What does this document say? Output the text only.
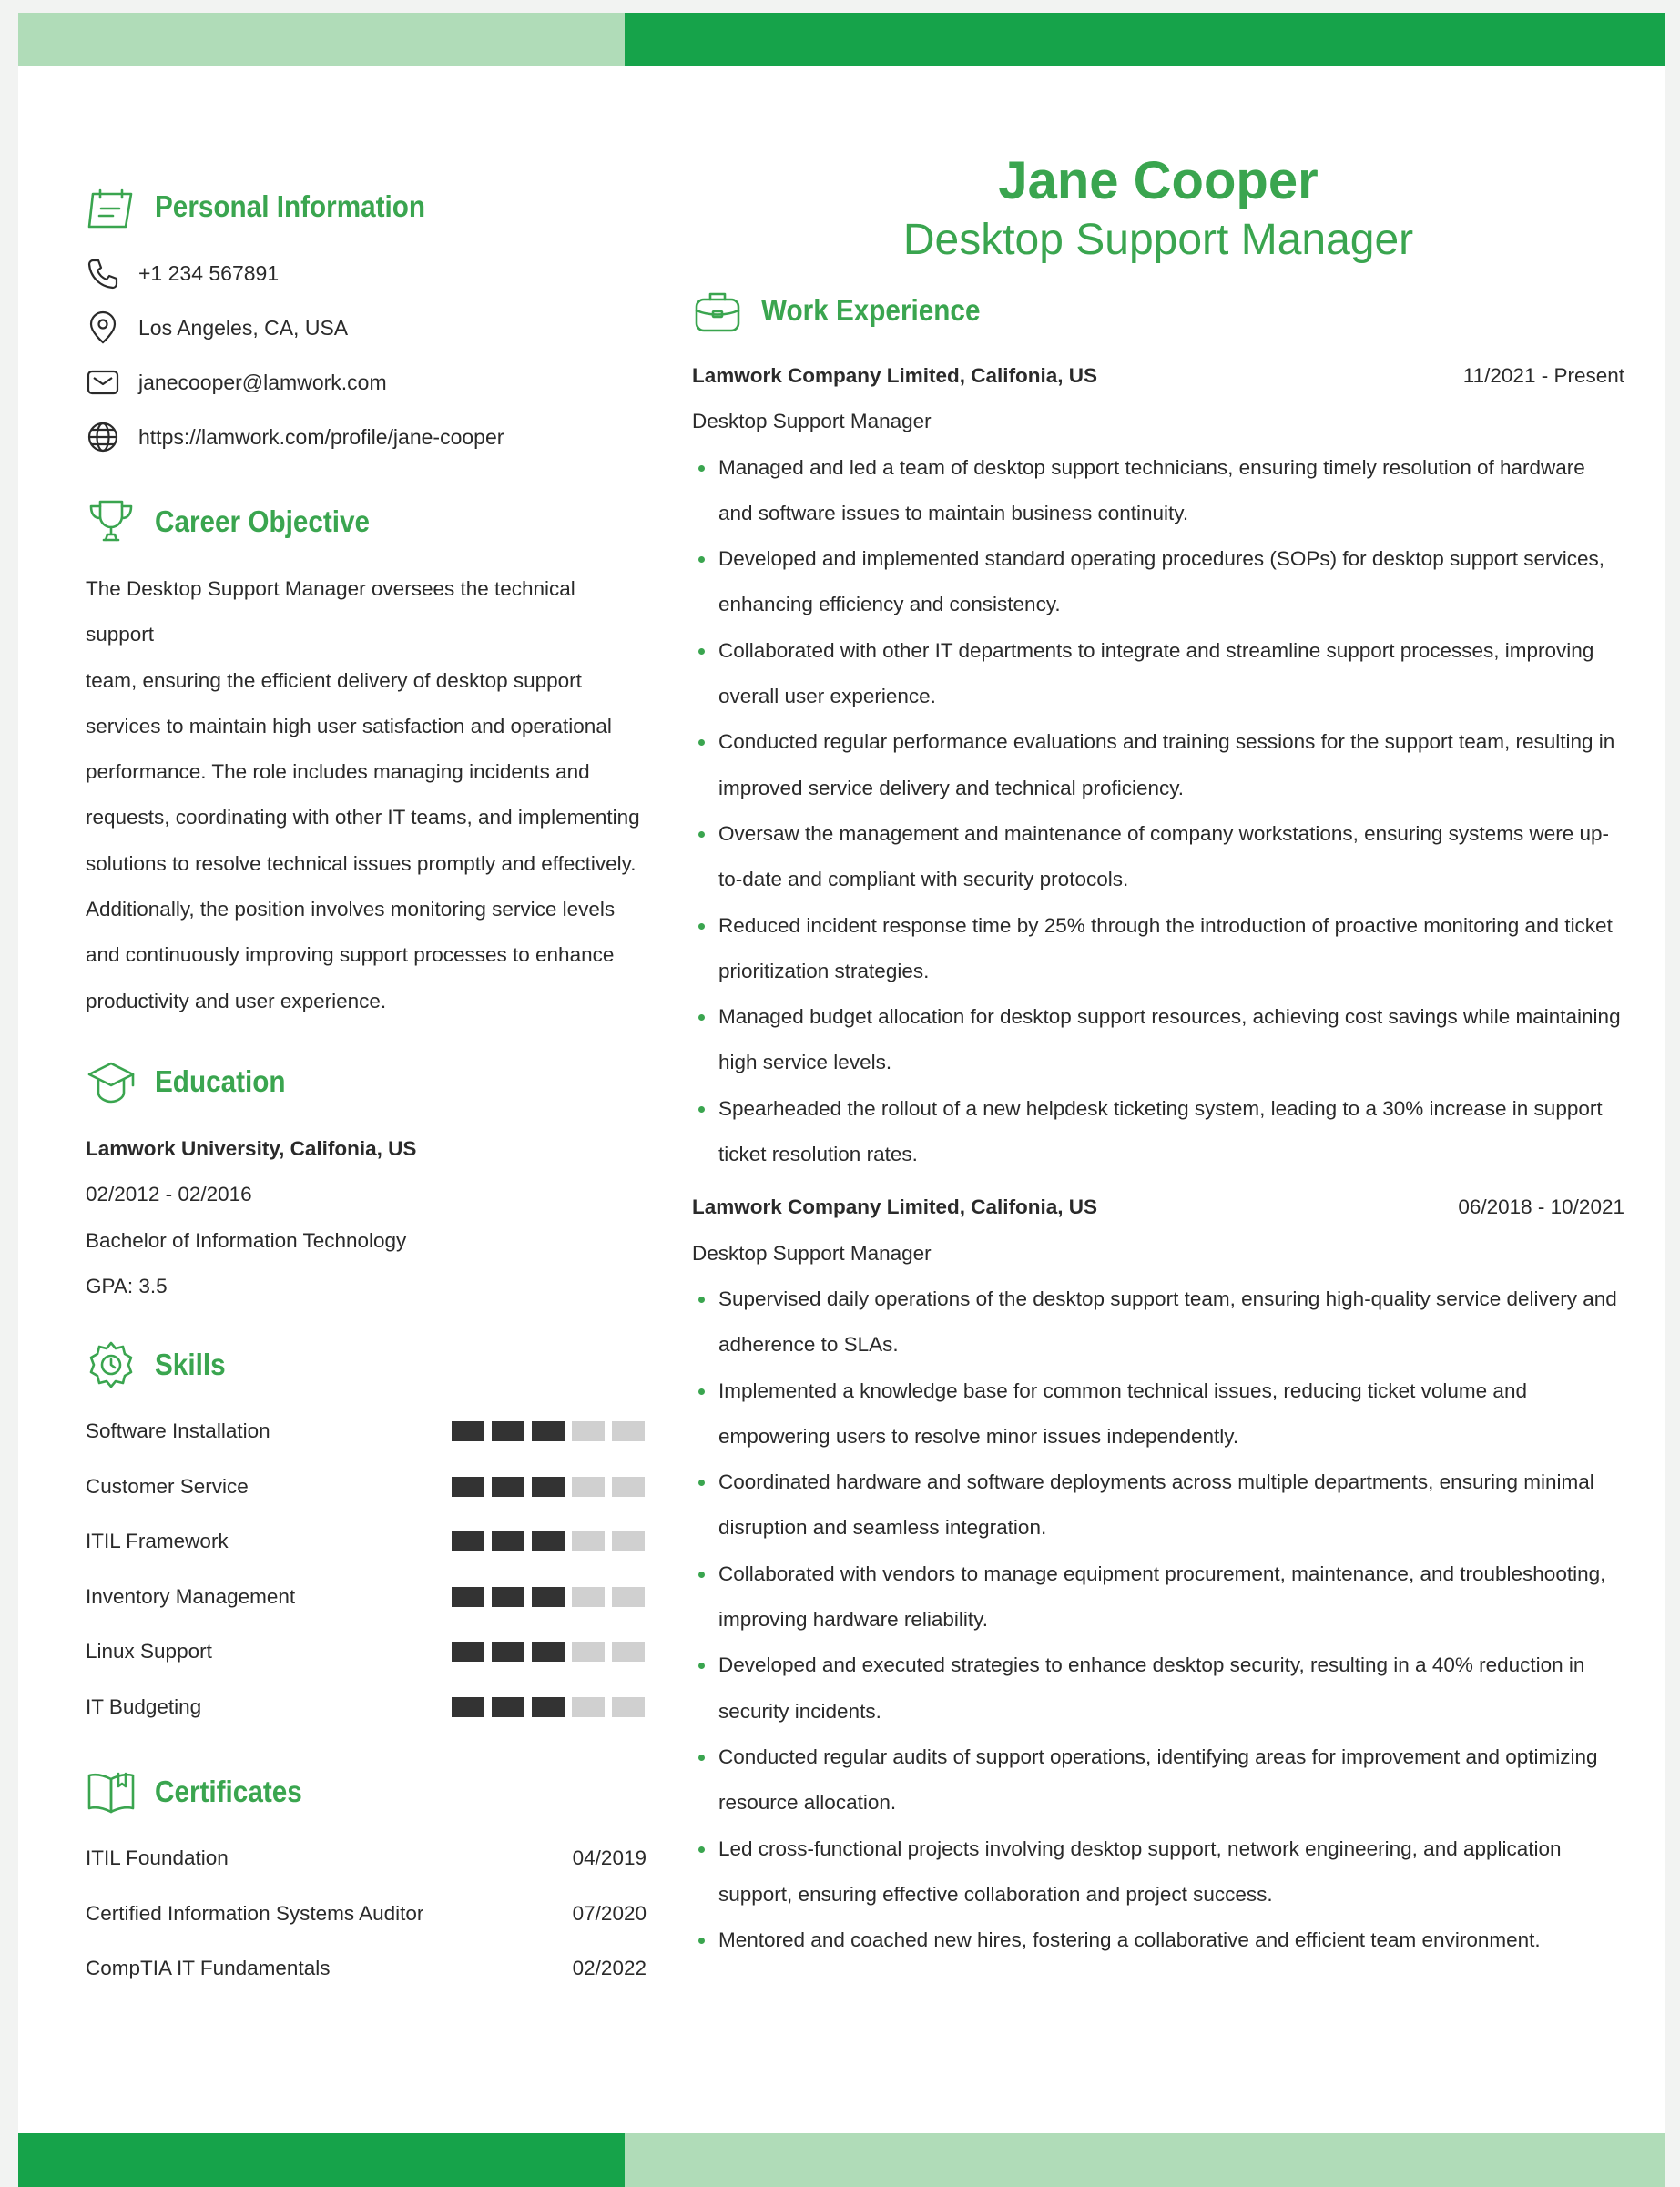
Personal Information
+1 234 567891
Los Angeles, CA, USA
janecooper@lamwork.com
https://lamwork.com/profile/jane-cooper
Career Objective
The Desktop Support Manager oversees the technical support
team, ensuring the efficient delivery of desktop support
services to maintain high user satisfaction and operational
performance. The role includes managing incidents and
requests, coordinating with other IT teams, and implementing
solutions to resolve technical issues promptly and effectively.
Additionally, the position involves monitoring service levels
and continuously improving support processes to enhance
productivity and user experience.
Education
Lamwork University, Califonia, US
02/2012 - 02/2016
Bachelor of Information Technology
GPA: 3.5
Skills
Software Installation
Customer Service
ITIL Framework
Inventory Management
Linux Support
IT Budgeting
Certificates
ITIL Foundation	04/2019
Certified Information Systems Auditor	07/2020
CompTIA IT Fundamentals	02/2022
Jane Cooper
Desktop Support Manager
Work Experience
Lamwork Company Limited, Califonia, US	11/2021 - Present
Desktop Support Manager
Managed and led a team of desktop support technicians, ensuring timely resolution of hardware and software issues to maintain business continuity.
Developed and implemented standard operating procedures (SOPs) for desktop support services, enhancing efficiency and consistency.
Collaborated with other IT departments to integrate and streamline support processes, improving overall user experience.
Conducted regular performance evaluations and training sessions for the support team, resulting in improved service delivery and technical proficiency.
Oversaw the management and maintenance of company workstations, ensuring systems were up-to-date and compliant with security protocols.
Reduced incident response time by 25% through the introduction of proactive monitoring and ticket prioritization strategies.
Managed budget allocation for desktop support resources, achieving cost savings while maintaining high service levels.
Spearheaded the rollout of a new helpdesk ticketing system, leading to a 30% increase in support ticket resolution rates.
Lamwork Company Limited, Califonia, US	06/2018 - 10/2021
Desktop Support Manager
Supervised daily operations of the desktop support team, ensuring high-quality service delivery and adherence to SLAs.
Implemented a knowledge base for common technical issues, reducing ticket volume and empowering users to resolve minor issues independently.
Coordinated hardware and software deployments across multiple departments, ensuring minimal disruption and seamless integration.
Collaborated with vendors to manage equipment procurement, maintenance, and troubleshooting, improving hardware reliability.
Developed and executed strategies to enhance desktop security, resulting in a 40% reduction in security incidents.
Conducted regular audits of support operations, identifying areas for improvement and optimizing resource allocation.
Led cross-functional projects involving desktop support, network engineering, and application support, ensuring effective collaboration and project success.
Mentored and coached new hires, fostering a collaborative and efficient team environment.
